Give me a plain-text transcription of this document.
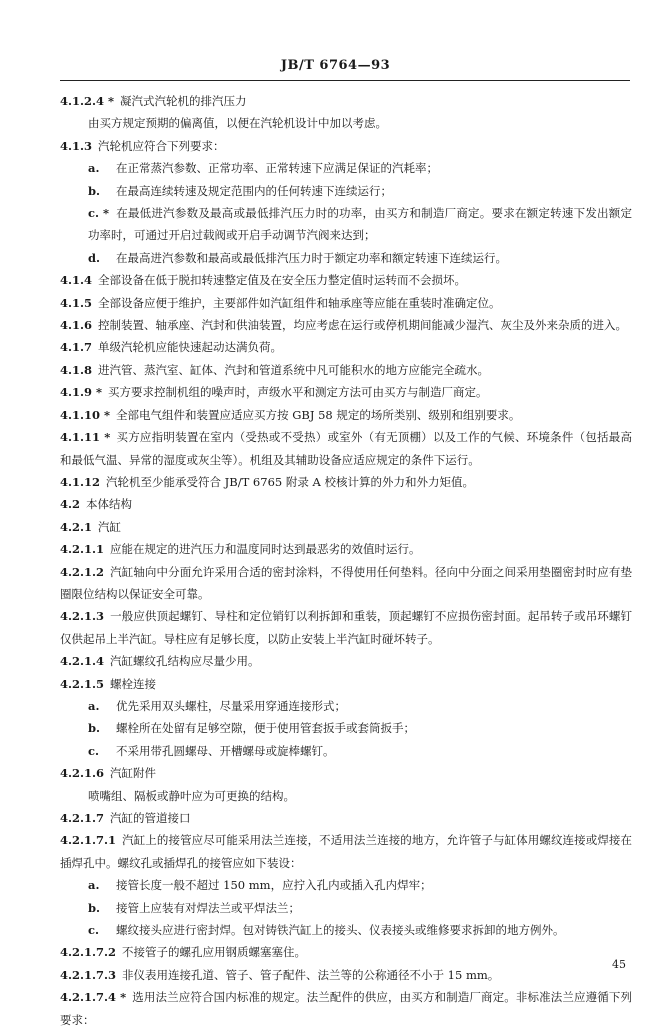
JB/T 6764—93

4.1.2.4 * 凝汽式汽轮机的排汽压力

由买方规定预期的偏离值，以便在汽轮机设计中加以考虑。

4.1.3 汽轮机应符合下列要求：

a. 在正常蒸汽参数、正常功率、正常转速下应满足保证的汽耗率；

b. 在最高连续转速及规定范围内的任何转速下连续运行；

c. * 在最低进汽参数及最高或最低排汽压力时的功率，由买方和制造厂商定。要求在额定转速下发出额定功率时，可通过开启过载阀或开启手动调节汽阀来达到；

d. 在最高进汽参数和最高或最低排汽压力时于额定功率和额定转速下连续运行。

4.1.4 全部设备在低于脱扣转速整定值及在安全压力整定值时运转而不会损坏。

4.1.5 全部设备应便于维护，主要部件如汽缸组件和轴承座等应能在重装时准确定位。

4.1.6 控制装置、轴承座、汽封和供油装置，均应考虑在运行或停机期间能减少湿汽、灰尘及外来杂质的进入。

4.1.7 单级汽轮机应能快速起动达满负荷。

4.1.8 进汽管、蒸汽室、缸体、汽封和管道系统中凡可能积水的地方应能完全疏水。

4.1.9 * 买方要求控制机组的噪声时，声级水平和测定方法可由买方与制造厂商定。

4.1.10 * 全部电气组件和装置应适应买方按 GBJ 58 规定的场所类别、级别和组别要求。

4.1.11 * 买方应指明装置在室内（受热或不受热）或室外（有无顶棚）以及工作的气候、环境条件（包括最高和最低气温、异常的湿度或灰尘等）。机组及其辅助设备应适应规定的条件下运行。

4.1.12 汽轮机至少能承受符合 JB/T 6765 附录 A 校核计算的外力和外力矩值。

4.2 本体结构

4.2.1 汽缸

4.2.1.1 应能在规定的进汽压力和温度同时达到最恶劣的效值时运行。

4.2.1.2 汽缸轴向中分面允许采用合适的密封涂料，不得使用任何垫料。径向中分面之间采用垫圈密封时应有垫圈限位结构以保证安全可靠。

4.2.1.3 一般应供顶起螺钉、导柱和定位销钉以利拆卸和重装，顶起螺钉不应损伤密封面。起吊转子或吊环螺钉仅供起吊上半汽缸。导柱应有足够长度，以防止安装上半汽缸时碰坏转子。

4.2.1.4 汽缸螺纹孔结构应尽量少用。

4.2.1.5 螺栓连接

a. 优先采用双头螺柱，尽量采用穿通连接形式；

b. 螺栓所在处留有足够空隙，便于使用管套扳手或套筒扳手；

c. 不采用带孔圆螺母、开槽螺母或旋棒螺钉。

4.2.1.6 汽缸附件

喷嘴组、隔板或静叶应为可更换的结构。

4.2.1.7 汽缸的管道接口

4.2.1.7.1 汽缸上的接管应尽可能采用法兰连接，不适用法兰连接的地方，允许管子与缸体用螺纹连接或焊接在插焊孔中。螺纹孔或插焊孔的接管应如下装设：

a. 接管长度一般不超过 150 mm，应拧入孔内或插入孔内焊牢；

b. 接管上应装有对焊法兰或平焊法兰；

c. 螺纹接头应进行密封焊。包对铸铁汽缸上的接头、仪表接头或维修要求拆卸的地方例外。

4.2.1.7.2 不接管子的螺孔应用钢质螺塞塞住。

4.2.1.7.3 非仪表用连接孔道、管子、管子配件、法兰等的公称通径不小于 15 mm。

4.2.1.7.4 * 选用法兰应符合国内标准的规定。法兰配件的供应，由买方和制造厂商定。非标准法兰应遵循下列要求：

45
